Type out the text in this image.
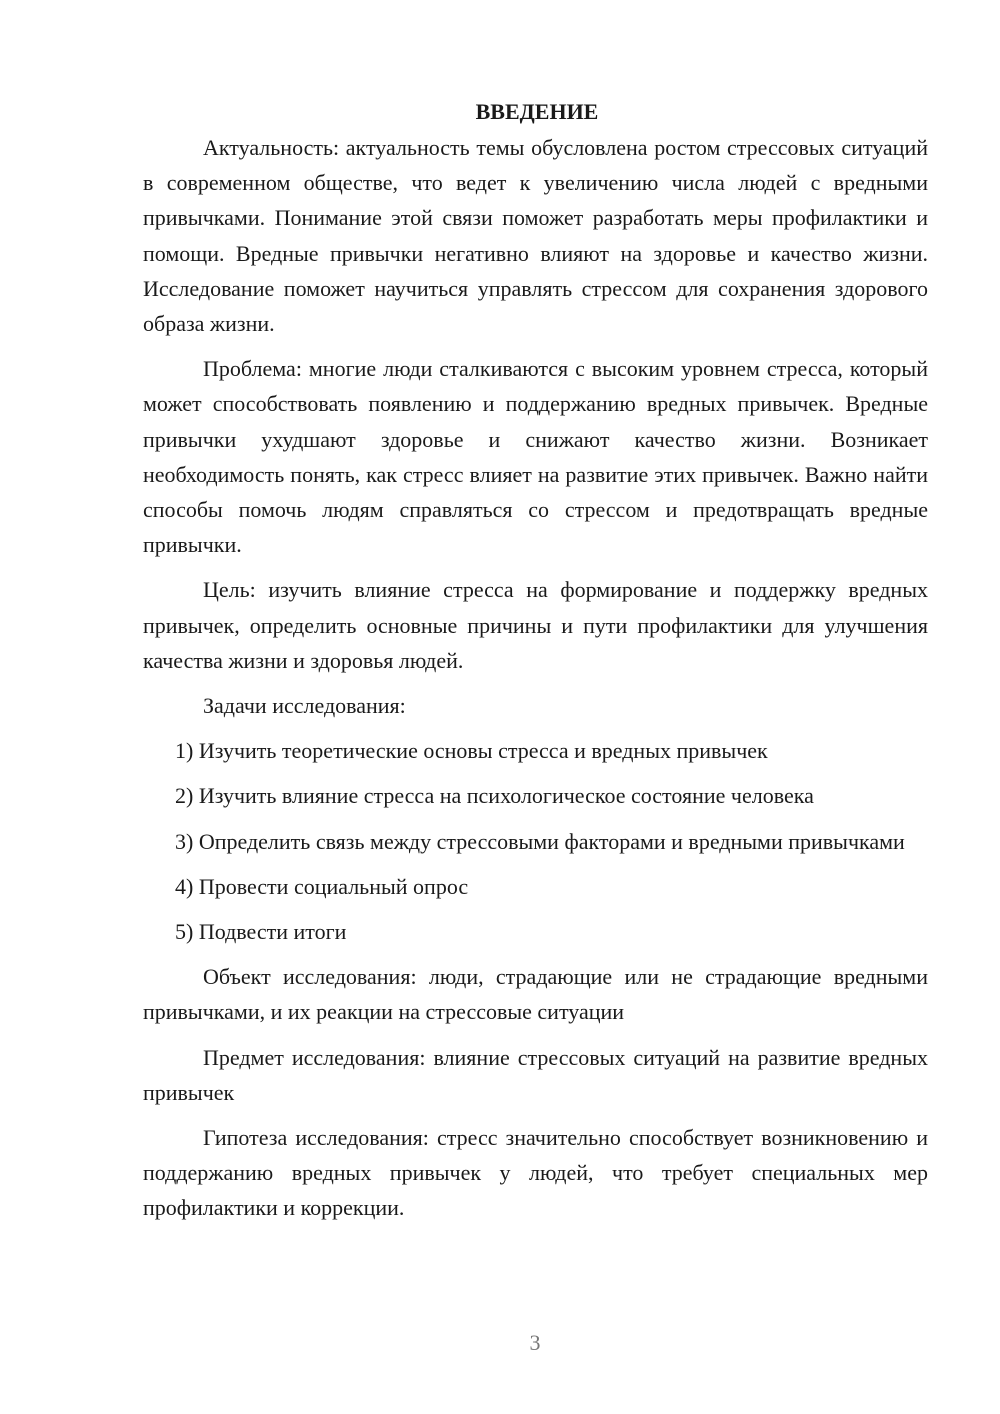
ВВЕДЕНИЕ

Актуальность: актуальность темы обусловлена ростом стрессовых ситуаций в современном обществе, что ведет к увеличению числа людей с вредными привычками. Понимание этой связи поможет разработать меры профилактики и помощи. Вредные привычки негативно влияют на здоровье и качество жизни. Исследование поможет научиться управлять стрессом для сохранения здорового образа жизни.

Проблема: многие люди сталкиваются с высоким уровнем стресса, который может способствовать появлению и поддержанию вредных привычек. Вредные привычки ухудшают здоровье и снижают качество жизни. Возникает необходимость понять, как стресс влияет на развитие этих привычек. Важно найти способы помочь людям справляться со стрессом и предотвращать вредные привычки.

Цель: изучить влияние стресса на формирование и поддержку вредных привычек, определить основные причины и пути профилактики для улучшения качества жизни и здоровья людей.

Задачи исследования:

1) Изучить теоретические основы стресса и вредных привычек

2) Изучить влияние стресса на психологическое состояние человека

3) Определить связь между стрессовыми факторами и вредными привычками

4) Провести социальный опрос

5) Подвести итоги

Объект исследования: люди, страдающие или не страдающие вредными привычками, и их реакции на стрессовые ситуации

Предмет исследования: влияние стрессовых ситуаций на развитие вредных привычек

Гипотеза исследования: стресс значительно способствует возникновению и поддержанию вредных привычек у людей, что требует специальных мер профилактики и коррекции.

3
